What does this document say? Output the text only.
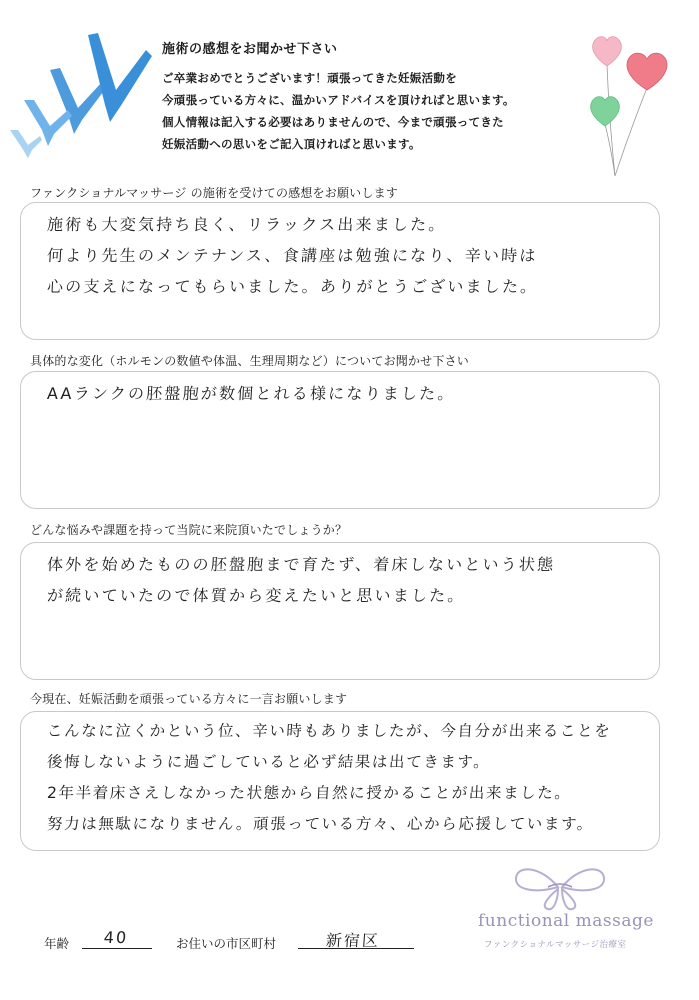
施術の感想をお聞かせ下さい
ご卒業おめでとうございます！頑張ってきた妊娠活動を
今頑張っている方々に、温かいアドバイスを頂ければと思います。
個人情報は記入する必要はありませんので、今まで頑張ってきた
妊娠活動への思いをご記入頂ければと思います。
ファンクショナルマッサージ の施術を受けての感想をお願いします
施術も大変気持ち良く、リラックス出来ました。
何より先生のメンテナンス、食講座は勉強になり、辛い時は
心の支えになってもらいました。ありがとうございました。
具体的な変化（ホルモンの数値や体温、生理周期など）についてお聞かせ下さい
AAランクの胚盤胞が数個とれる様になりました。
どんな悩みや課題を持って当院に来院頂いたでしょうか？
体外を始めたものの胚盤胞まで育たず、着床しないという状態
が続いていたので体質から変えたいと思いました。
今現在、妊娠活動を頑張っている方々に一言お願いします
こんなに泣くかという位、辛い時もありましたが、今自分が出来ることを
後悔しないように過ごしていると必ず結果は出てきます。
2年半着床さえしなかった状態から自然に授かることが出来ました。
努力は無駄になりません。頑張っている方々、心から応援しています。
functional massage
ファンクショナルマッサージ治療室
年齢	40	お住いの市区町村	新宿区
